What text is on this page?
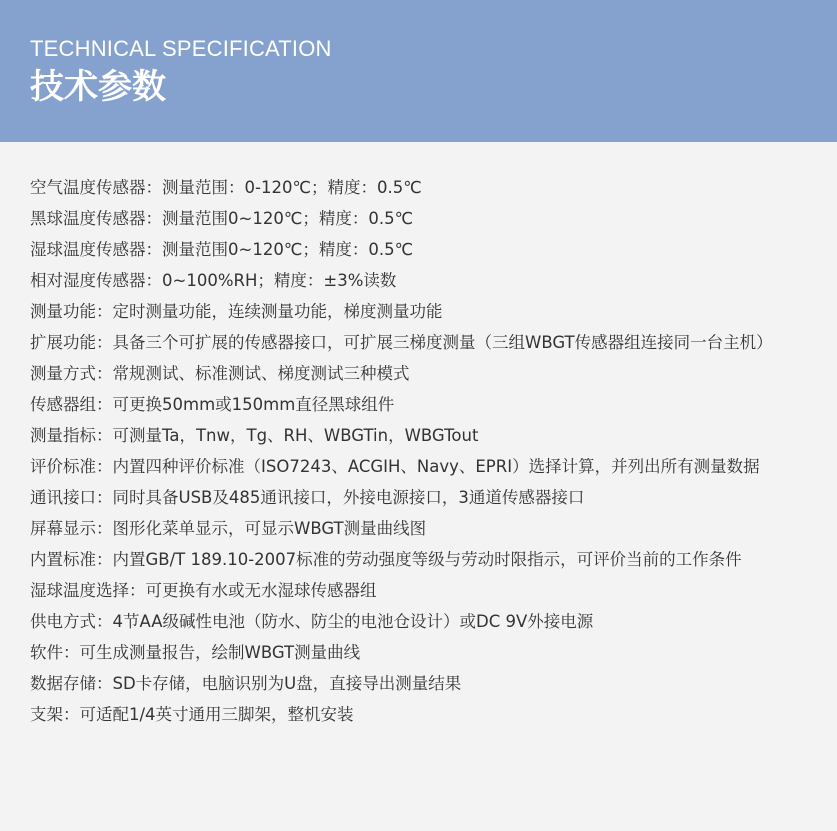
TECHNICAL SPECIFICATION
技术参数
空气温度传感器：测量范围：0-120℃；精度：0.5℃
黑球温度传感器：测量范围0~120℃；精度：0.5℃
湿球温度传感器：测量范围0~120℃；精度：0.5℃
相对湿度传感器：0~100%RH；精度：±3%读数
测量功能：定时测量功能，连续测量功能，梯度测量功能
扩展功能：具备三个可扩展的传感器接口，可扩展三梯度测量（三组WBGT传感器组连接同一台主机）
测量方式：常规测试、标准测试、梯度测试三种模式
传感器组：可更换50mm或150mm直径黑球组件
测量指标：可测量Ta，Tnw，Tg、RH、WBGTin，WBGTout
评价标准：内置四种评价标准（ISO7243、ACGIH、Navy、EPRI）选择计算，并列出所有测量数据
通讯接口：同时具备USB及485通讯接口，外接电源接口，3通道传感器接口
屏幕显示：图形化菜单显示，可显示WBGT测量曲线图
内置标准：内置GB/T 189.10-2007标准的劳动强度等级与劳动时限指示，可评价当前的工作条件
湿球温度选择：可更换有水或无水湿球传感器组
供电方式：4节AA级碱性电池（防水、防尘的电池仓设计）或DC 9V外接电源
软件：可生成测量报告，绘制WBGT测量曲线
数据存储：SD卡存储，电脑识别为U盘，直接导出测量结果
支架：可适配1/4英寸通用三脚架，整机安装
